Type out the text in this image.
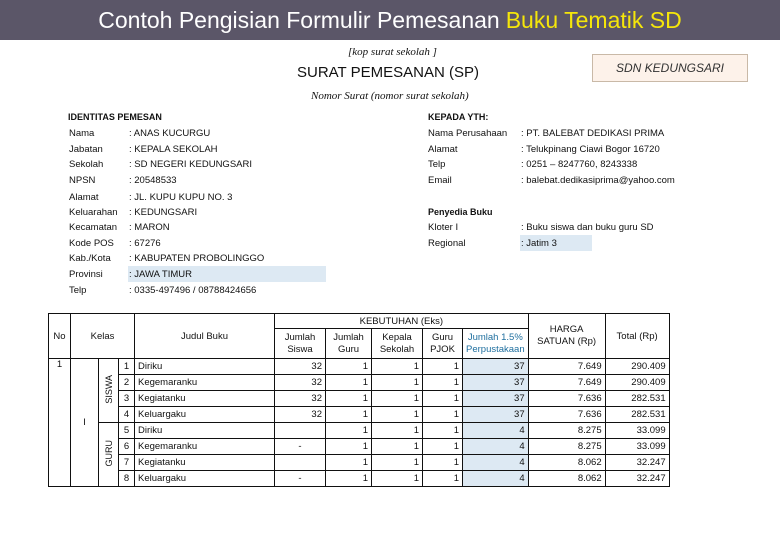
Contoh Pengisian Formulir Pemesanan Buku Tematik SD
[kop surat sekolah ]
SURAT PEMESANAN (SP)
Nomor Surat (nomor surat sekolah)
SDN KEDUNGSARI
IDENTITAS PEMESAN
Nama	: ANAS KUCURGU
Jabatan	: KEPALA SEKOLAH
Sekolah	: SD NEGERI KEDUNGSARI
NPSN	: 20548533
Alamat	: JL. KUPU KUPU NO. 3
Keluarahan : KEDUNGSARI
Kecamatan : MARON
Kode POS : 67276
Kab./Kota : KABUPATEN PROBOLINGGO
Provinsi	: JAWA TIMUR
Telp	: 0335-497496 / 08788424656
KEPADA YTH:
Nama Perusahaan : PT. BALEBAT DEDIKASI PRIMA
Alamat	: Telukpinang Ciawi Bogor 16720
Telp	: 0251 – 8247760, 8243338
Email	: balebat.dedikasiprima@yahoo.com
Penyedia Buku
Kloter I	: Buku siswa dan buku guru SD
Regional	: Jatim 3
No	Kelas			Judul Buku	KEBUTUHAN (Eks)					HARGA SATUAN (Rp)	Total (Rp)
					Jumlah Siswa	Jumlah Guru	Kepala Sekolah	Guru PJOK	Jumlah 1.5% Perpustakaan		
1	I	SISWA	1	Diriku	32	1	1	1	37	7.649	290.409
			2	Kegemaranku	32	1	1	1	37	7.649	290.409
			3	Kegiatanku	32	1	1	1	37	7.636	282.531
			4	Keluargaku	32	1	1	1	37	7.636	282.531
		GURU	5	Diriku		1	1	1	4	8.275	33.099
			6	Kegemaranku	-	1	1	1	4	8.275	33.099
			7	Kegiatanku		1	1	1	4	8.062	32.247
			8	Keluargaku	-	1	1	1	4	8.062	32.247
